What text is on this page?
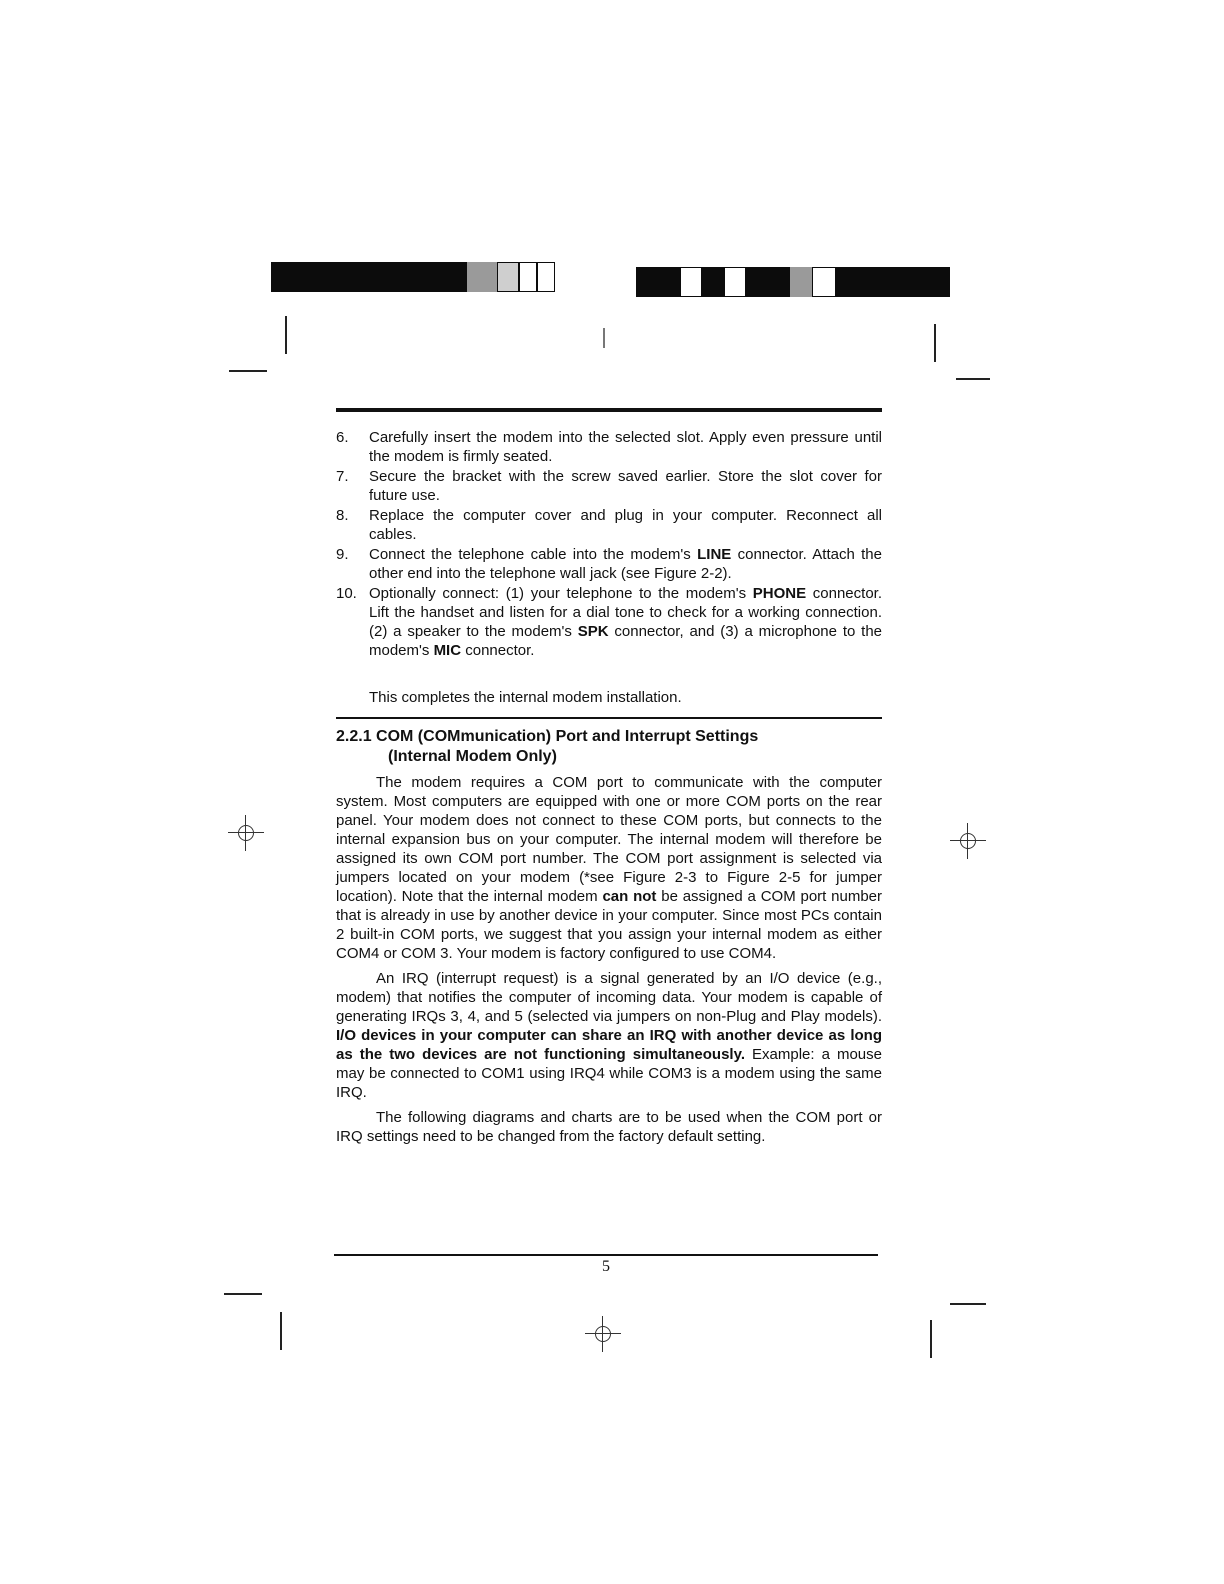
6. Carefully insert the modem into the selected slot. Apply even pressure until the modem is firmly seated.
7. Secure the bracket with the screw saved earlier. Store the slot cover for future use.
8. Replace the computer cover and plug in your computer. Reconnect all cables.
9. Connect the telephone cable into the modem's LINE connector. Attach the other end into the telephone wall jack (see Figure 2-2).
10. Optionally connect: (1) your telephone to the modem's PHONE connector. Lift the handset and listen for a dial tone to check for a working connection. (2) a speaker to the modem's SPK connector, and (3) a microphone to the modem's MIC connector.
This completes the internal modem installation.
2.2.1 COM (COMmunication) Port and Interrupt Settings
(Internal Modem Only)

The modem requires a COM port to communicate with the computer system. Most computers are equipped with one or more COM ports on the rear panel. Your modem does not connect to these COM ports, but connects to the internal expansion bus on your computer. The internal modem will therefore be assigned its own COM port number. The COM port assignment is selected via jumpers located on your modem (*see Figure 2-3 to Figure 2-5 for jumper location). Note that the internal modem can not be assigned a COM port number that is already in use by another device in your computer. Since most PCs contain 2 built-in COM ports, we suggest that you assign your internal modem as either COM4 or COM 3. Your modem is factory configured to use COM4.

An IRQ (interrupt request) is a signal generated by an I/O device (e.g., modem) that notifies the computer of incoming data. Your modem is capable of generating IRQs 3, 4, and 5 (selected via jumpers on non-Plug and Play models). I/O devices in your computer can share an IRQ with another device as long as the two devices are not functioning simultaneously. Example: a mouse may be connected to COM1 using IRQ4 while COM3 is a modem using the same IRQ.

The following diagrams and charts are to be used when the COM port or IRQ settings need to be changed from the factory default setting.

5
